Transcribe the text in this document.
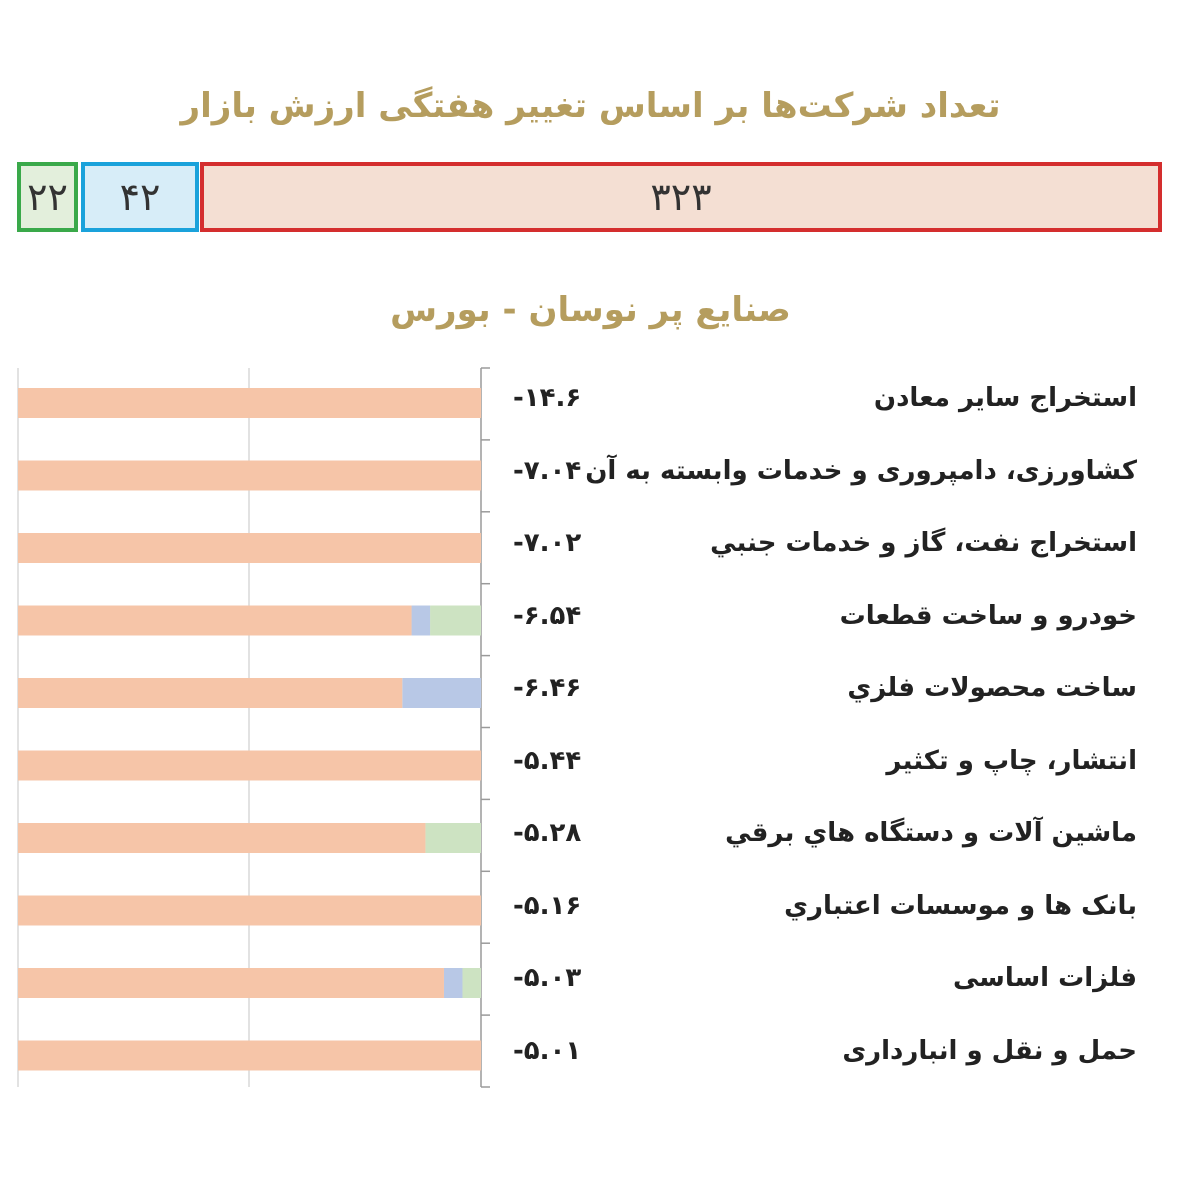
تعداد شرکت‌ها بر اساس تغییر هفتگی ارزش بازار
۲۲ ۴۲	۳۲۳
صنایع پر نوسان - بورس
استخراج ساير معادن
-۱۴.۶
کشاورزی، دامپروری و خدمات وابسته به آن
-۷.۰۴
استخراج نفت، گاز و خدمات جنبي
-۷.۰۲
خودرو و ساخت قطعات
-۶.۵۴
ساخت محصولات فلزي
-۶.۴۶
انتشار، چاپ و تکثير
-۵.۴۴
ماشين آلات و دستگاه هاي برقي
-۵.۲۸
بانک ها و موسسات اعتباري
-۵.۱۶
فلزات اساسی
-۵.۰۳
حمل و نقل و انبارداری
-۵.۰۱
